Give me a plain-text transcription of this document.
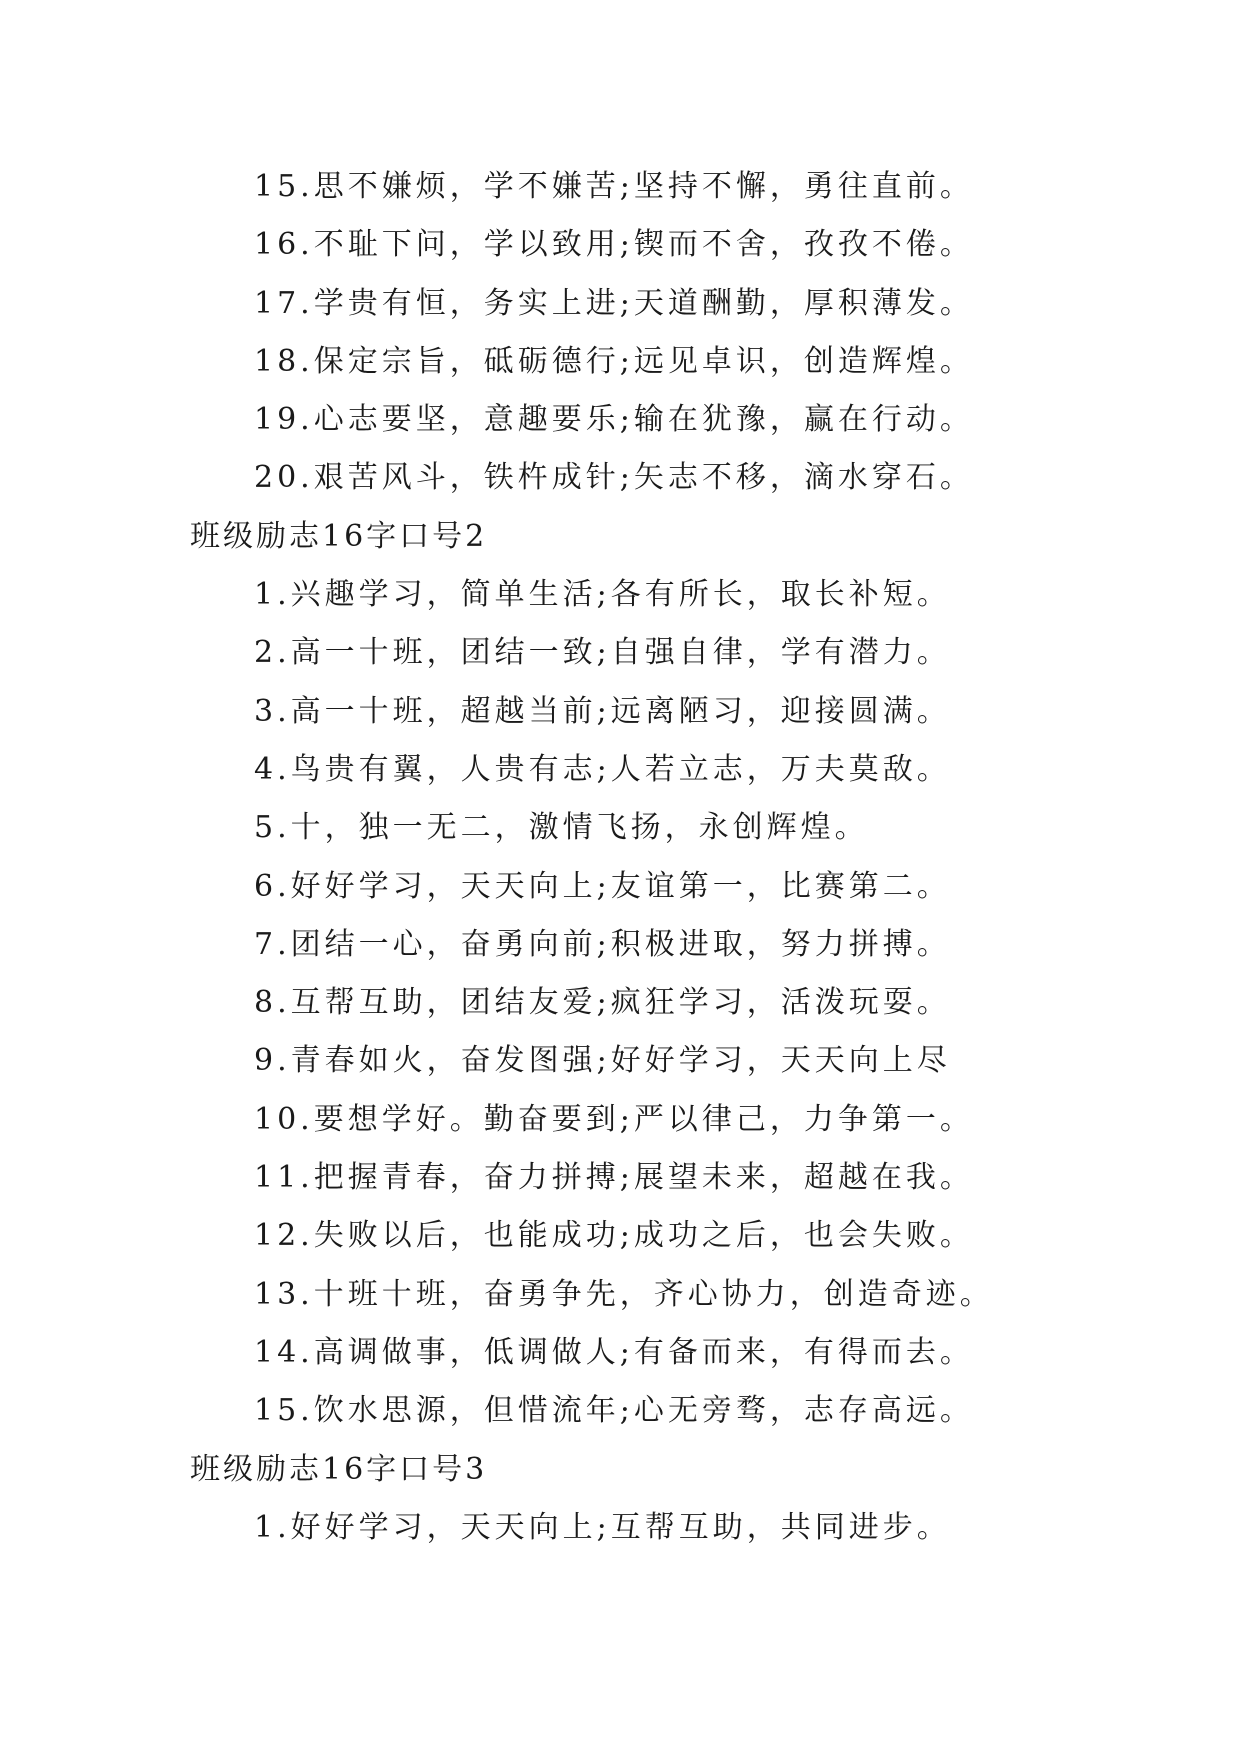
15.思不嫌烦，学不嫌苦;坚持不懈，勇往直前。
16.不耻下问，学以致用;锲而不舍，孜孜不倦。
17.学贵有恒，务实上进;天道酬勤，厚积薄发。
18.保定宗旨，砥砺德行;远见卓识，创造辉煌。
19.心志要坚，意趣要乐;输在犹豫，赢在行动。
20.艰苦风斗，铁杵成针;矢志不移，滴水穿石。
班级励志16字口号2
1.兴趣学习，简单生活;各有所长，取长补短。
2.高一十班，团结一致;自强自律，学有潜力。
3.高一十班，超越当前;远离陋习，迎接圆满。
4.鸟贵有翼，人贵有志;人若立志，万夫莫敌。
5.十，独一无二，激情飞扬，永创辉煌。
6.好好学习，天天向上;友谊第一，比赛第二。
7.团结一心，奋勇向前;积极进取，努力拼搏。
8.互帮互助，团结友爱;疯狂学习，活泼玩耍。
9.青春如火，奋发图强;好好学习，天天向上尽
10.要想学好。勤奋要到;严以律己，力争第一。
11.把握青春，奋力拼搏;展望未来，超越在我。
12.失败以后，也能成功;成功之后，也会失败。
13.十班十班，奋勇争先，齐心协力，创造奇迹。
14.高调做事，低调做人;有备而来，有得而去。
15.饮水思源，但惜流年;心无旁骛，志存高远。
班级励志16字口号3
1.好好学习，天天向上;互帮互助，共同进步。
